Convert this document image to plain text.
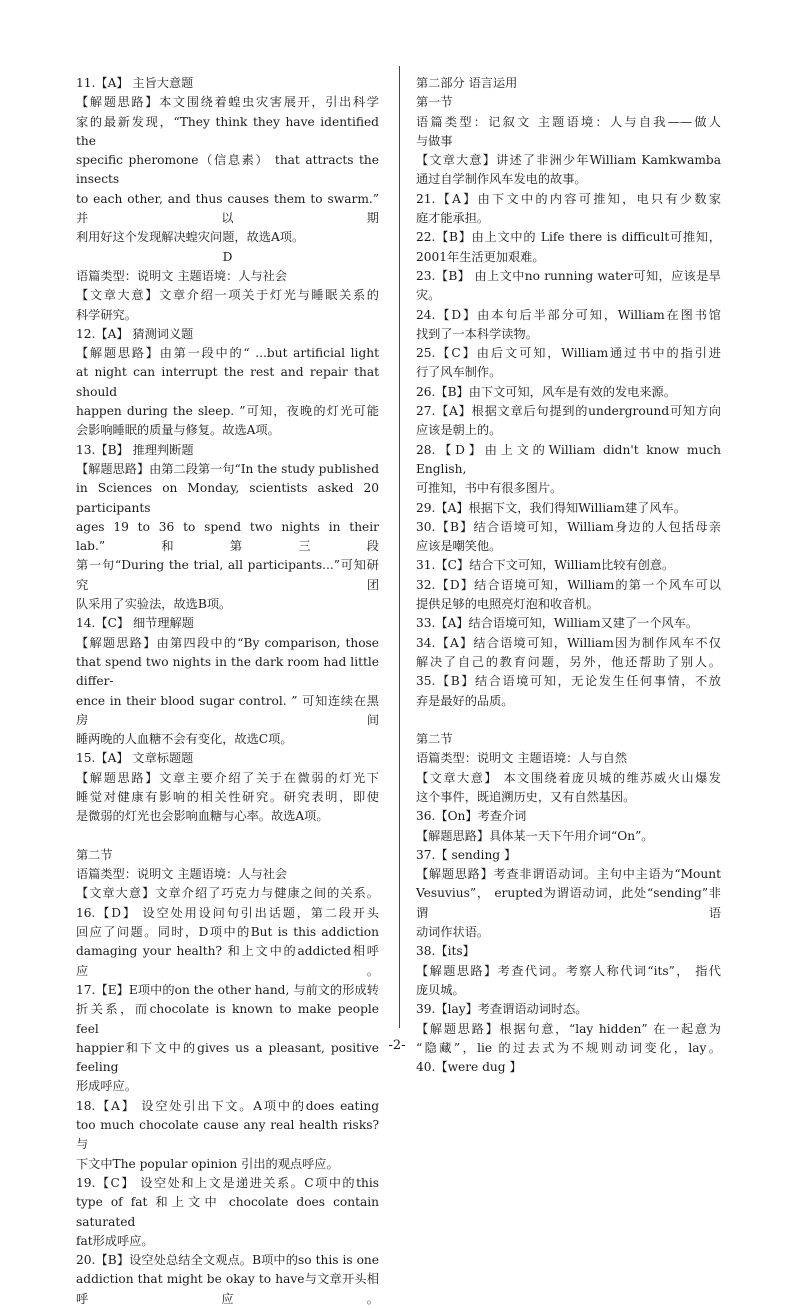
11.【A】 主旨大意题
【解题思路】本文围绕着蝗虫灾害展开，引出科学
家的最新发现，“They think they have identified the
specific pheromone（信息素） that attracts the insects
to each other, and thus causes them to swarm.” 并以期
利用好这个发现解决蝗灾问题，故选A项。
D
语篇类型：说明文 主题语境：人与社会
【文章大意】文章介绍一项关于灯光与睡眠关系的
科学研究。
12.【A】 猜测词义题
【解题思路】由第一段中的“ ...but artificial light
at night can interrupt the rest and repair that should
happen during the sleep. ”可知，夜晚的灯光可能
会影响睡眠的质量与修复。故选A项。
13.【B】 推理判断题
【解题思路】由第二段第一句“In the study published
in Sciences on Monday, scientists asked 20 participants
ages 19 to 36 to spend two nights in their lab.”和第三段
第一句“During the trial, all participants...”可知研究团
队采用了实验法，故选B项。
14.【C】 细节理解题
【解题思路】由第四段中的“By comparison, those
that spend two nights in the dark room had little differ-
ence in their blood sugar control. ” 可知连续在黑房间
睡两晚的人血糖不会有变化，故选C项。
15.【A】 文章标题题
【解题思路】文章主要介绍了关于在微弱的灯光下
睡觉对健康有影响的相关性研究。研究表明，即使
是微弱的灯光也会影响血糖与心率。故选A项。
第二节
语篇类型：说明文 主题语境：人与社会
【文章大意】文章介绍了巧克力与健康之间的关系。
16.【D】 设空处用设问句引出话题，第二段开头
回应了问题。同时，D项中的But is this addiction
damaging your health? 和上文中的addicted相呼应。
17.【E】E项中的on the other hand, 与前文的形成转
折关系，而chocolate is known to make people feel
happier和下文中的gives us a pleasant, positive feeling
形成呼应。
18.【A】 设空处引出下文。A项中的does eating
too much chocolate cause any real health risks?与
下文中The popular opinion 引出的观点呼应。
19.【C】 设空处和上文是递进关系。C项中的this
type of fat 和上文中 chocolate does contain saturated
fat形成呼应。
20.【B】设空处总结全文观点。B项中的so this is one
addiction that might be okay to have与文章开头相呼应。
第二部分 语言运用
第一节
语篇类型：记叙文 主题语境：人与自我——做人
与做事
【文章大意】讲述了非洲少年William Kamkwamba
通过自学制作风车发电的故事。
21.【A】由下文中的内容可推知，电只有少数家
庭才能承担。
22.【B】由上文中的 Life there is difficult可推知，
2001年生活更加艰难。
23.【B】 由上文中no running water可知，应该是旱
灾。
24.【D】由本句后半部分可知，William在图书馆
找到了一本科学读物。
25.【C】由后文可知，William通过书中的指引进
行了风车制作。
26.【B】由下文可知，风车是有效的发电来源。
27.【A】根据文章后句提到的underground可知方向
应该是朝上的。
28.【D】由上文的William didn't know much English,
可推知，书中有很多图片。
29.【A】根据下文，我们得知William建了风车。
30.【B】结合语境可知，William身边的人包括母亲
应该是嘲笑他。
31.【C】结合下文可知，William比较有创意。
32.【D】结合语境可知，William的第一个风车可以
提供足够的电照亮灯泡和收音机。
33.【A】结合语境可知，William又建了一个风车。
34.【A】结合语境可知，William因为制作风车不仅
解决了自己的教育问题，另外，他还帮助了别人。
35.【B】结合语境可知，无论发生任何事情，不放
弃是最好的品质。
第二节
语篇类型：说明文 主题语境：人与自然
【文章大意】 本文围绕着庞贝城的维苏威火山爆发
这个事件，既追溯历史，又有自然基因。
36.【On】考查介词
【解题思路】具体某一天下午用介词“On”。
37.【 sending 】
【解题思路】考查非谓语动词。主句中主语为“Mount
Vesuvius”， erupted为谓语动词，此处“sending”非谓语
动词作状语。
38.【its】
【解题思路】考查代词。考察人称代词“its”， 指代
庞贝城。
39.【lay】考查谓语动词时态。
【解题思路】根据句意，“lay hidden” 在一起意为
“隐藏”，lie 的过去式为不规则动词变化，lay。
40.【were dug 】
-2-
